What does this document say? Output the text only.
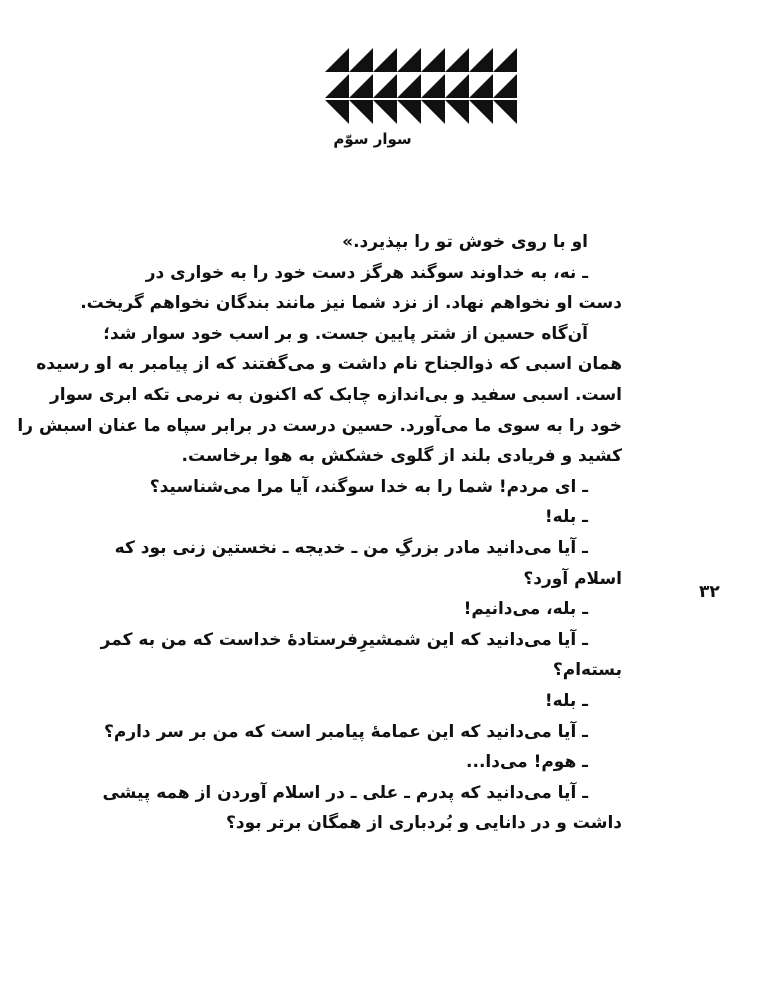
سوار سوّم
او با روی خوش تو را بپذیرد.»
ـ نه، به خداوند سوگند هرگز دست خود را به خواری در
دست او نخواهم نهاد. از نزد شما نیز مانند بندگان نخواهم گریخت.
آن‌گاه حسین از شتر پایین جست. و بر اسب خود سوار شد؛
همان اسبی که ذوالجناح نام داشت و می‌گفتند که از پیامبر به او رسیده
است. اسبی سفید و بی‌اندازه چابک که اکنون به نرمی تکه ابری سوار
خود را به سوی ما می‌آورد. حسین درست در برابر سپاه ما عنان اسبش را
کشید و فریادی بلند از گلوی خشکش به هوا برخاست.
ـ ای مردم! شما را به خدا سوگند، آیا مرا می‌شناسید؟
ـ بله!
ـ آیا می‌دانید مادر بزرگِ من ـ خدیجه ـ نخستین زنی بود که
اسلام آورد؟
ـ بله، می‌دانیم!
ـ آیا می‌دانید که این شمشیرِفرستادهٔ خداست که من به کمر
بسته‌ام؟
ـ بله!
ـ آیا می‌دانید که این عمامهٔ پیامبر است که من بر سر دارم؟
ـ هوم! می‌دا...
ـ آیا می‌دانید که پدرم ـ علی ـ در اسلام آوردن از همه پیشی
داشت و در دانایی و بُردباری از همگان برتر بود؟
۳۲
